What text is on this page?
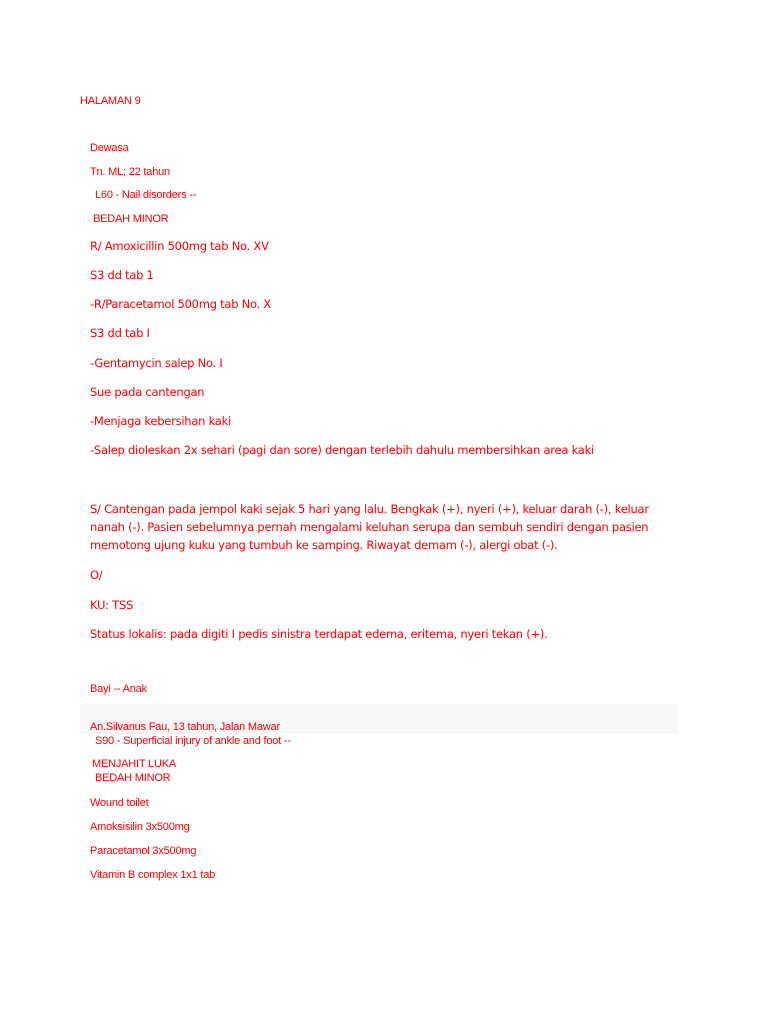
HALAMAN 9
Dewasa
Tn. ML; 22 tahun
L60 - Nail disorders --
BEDAH MINOR
R/ Amoxicillin 500mg tab No. XV
S3 dd tab 1
-R/Paracetamol 500mg tab No. X
S3 dd tab I
-Gentamycin salep No. I
Sue pada cantengan
-Menjaga kebersihan kaki
-Salep dioleskan 2x sehari (pagi dan sore) dengan terlebih dahulu membersihkan area kaki
S/ Cantengan pada jempol kaki sejak 5 hari yang lalu. Bengkak (+), nyeri (+), keluar darah (-), keluar nanah (-). Pasien sebelumnya pernah mengalami keluhan serupa dan sembuh sendiri dengan pasien memotong ujung kuku yang tumbuh ke samping. Riwayat demam (-), alergi obat (-).
O/
KU: TSS
Status lokalis: pada digiti I pedis sinistra terdapat edema, eritema, nyeri tekan (+).
Bayi -- Anak
An.Silvanus Fau, 13 tahun, Jalan Mawar
S90 - Superficial injury of ankle and foot --
MENJAHIT LUKA
BEDAH MINOR
Wound toilet
Amoksisilin 3x500mg
Paracetamol 3x500mg
Vitamin B complex 1x1 tab
